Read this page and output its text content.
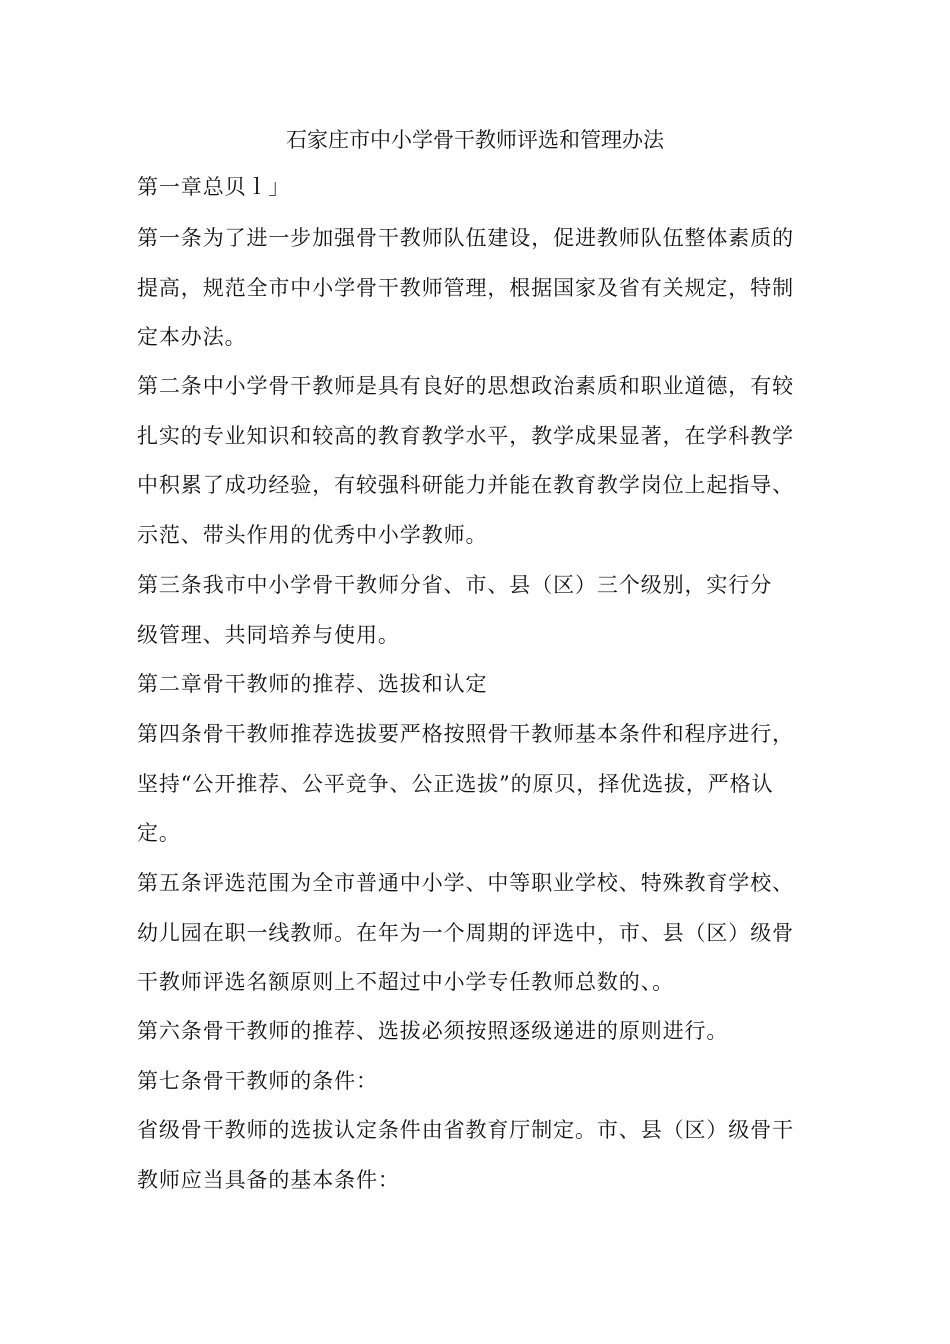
石家庄市中小学骨干教师评选和管理办法

第一章总贝ｌ」

第一条为了进一步加强骨干教师队伍建设，促进教师队伍整体素质的
提高，规范全市中小学骨干教师管理，根据国家及省有关规定，特制
定本办法。

第二条中小学骨干教师是具有良好的思想政治素质和职业道德，有较
扎实的专业知识和较高的教育教学水平，教学成果显著，在学科教学
中积累了成功经验，有较强科研能力并能在教育教学岗位上起指导、
示范、带头作用的优秀中小学教师。

第三条我市中小学骨干教师分省、市、县（区）三个级别，实行分
级管理、共同培养与使用。

第二章骨干教师的推荐、选拔和认定

第四条骨干教师推荐选拔要严格按照骨干教师基本条件和程序进行，
坚持“公开推荐、公平竞争、公正选拔”的原贝，择优选拔，严格认
定。

第五条评选范围为全市普通中小学、中等职业学校、特殊教育学校、
幼儿园在职一线教师。在年为一个周期的评选中，市、县（区）级骨
干教师评选名额原则上不超过中小学专任教师总数的、。

第六条骨干教师的推荐、选拔必须按照逐级递进的原则进行。

第七条骨干教师的条件：

省级骨干教师的选拔认定条件由省教育厅制定。市、县（区）级骨干
教师应当具备的基本条件：
